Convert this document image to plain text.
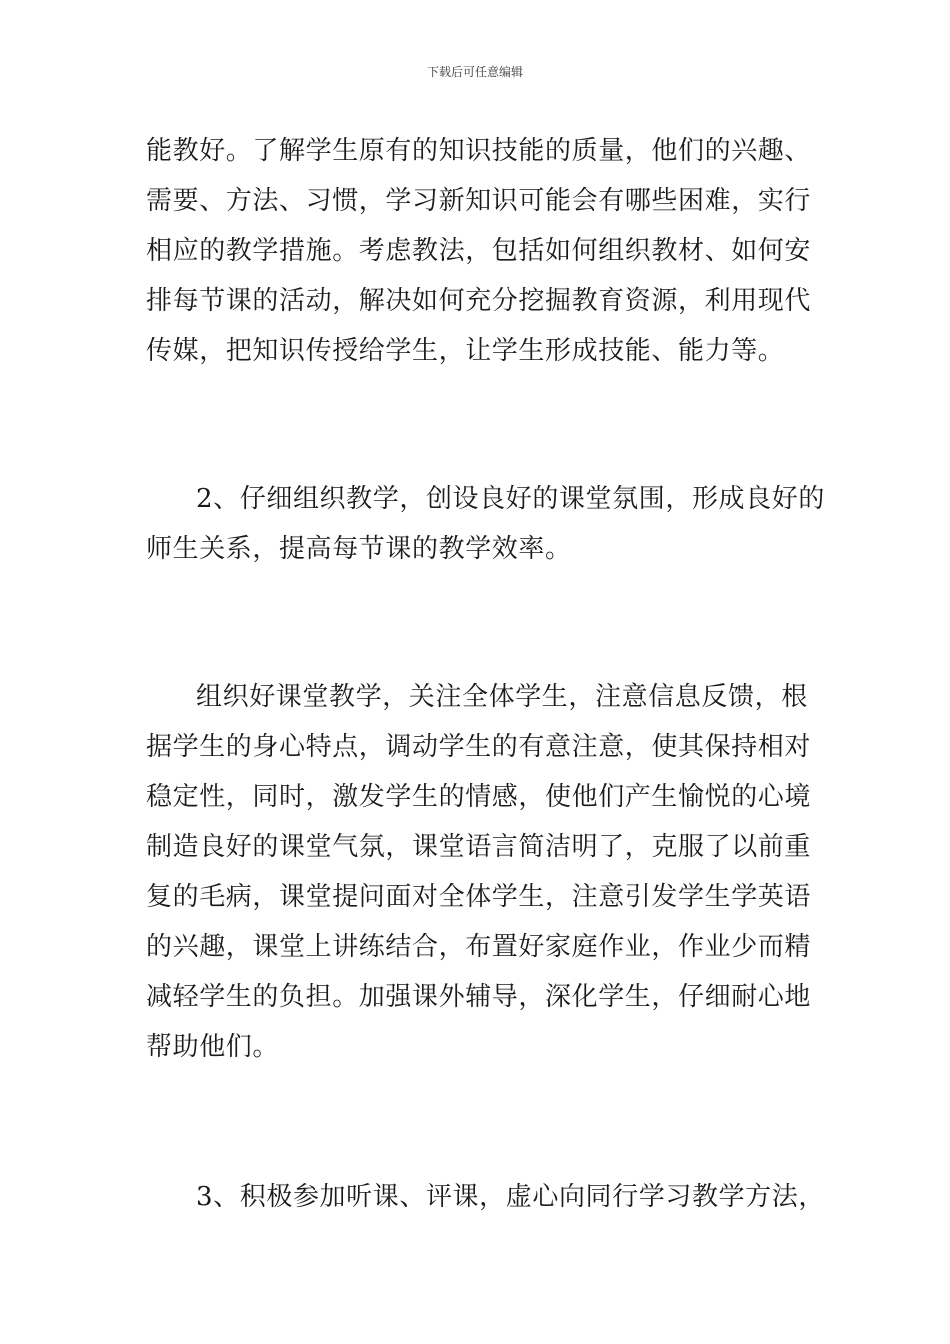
下载后可任意编辑
能教好。了解学生原有的知识技能的质量，他们的兴趣、
需要、方法、习惯，学习新知识可能会有哪些困难，实行
相应的教学措施。考虑教法，包括如何组织教材、如何安
排每节课的活动，解决如何充分挖掘教育资源，利用现代
传媒，把知识传授给学生，让学生形成技能、能力等。
2、仔细组织教学，创设良好的课堂氛围，形成良好的
师生关系，提高每节课的教学效率。
组织好课堂教学，关注全体学生，注意信息反馈，根
据学生的身心特点，调动学生的有意注意，使其保持相对
稳定性，同时，激发学生的情感，使他们产生愉悦的心境
制造良好的课堂气氛，课堂语言简洁明了，克服了以前重
复的毛病，课堂提问面对全体学生，注意引发学生学英语
的兴趣，课堂上讲练结合，布置好家庭作业，作业少而精
减轻学生的负担。加强课外辅导，深化学生，仔细耐心地
帮助他们。
3、积极参加听课、评课，虚心向同行学习教学方法，
